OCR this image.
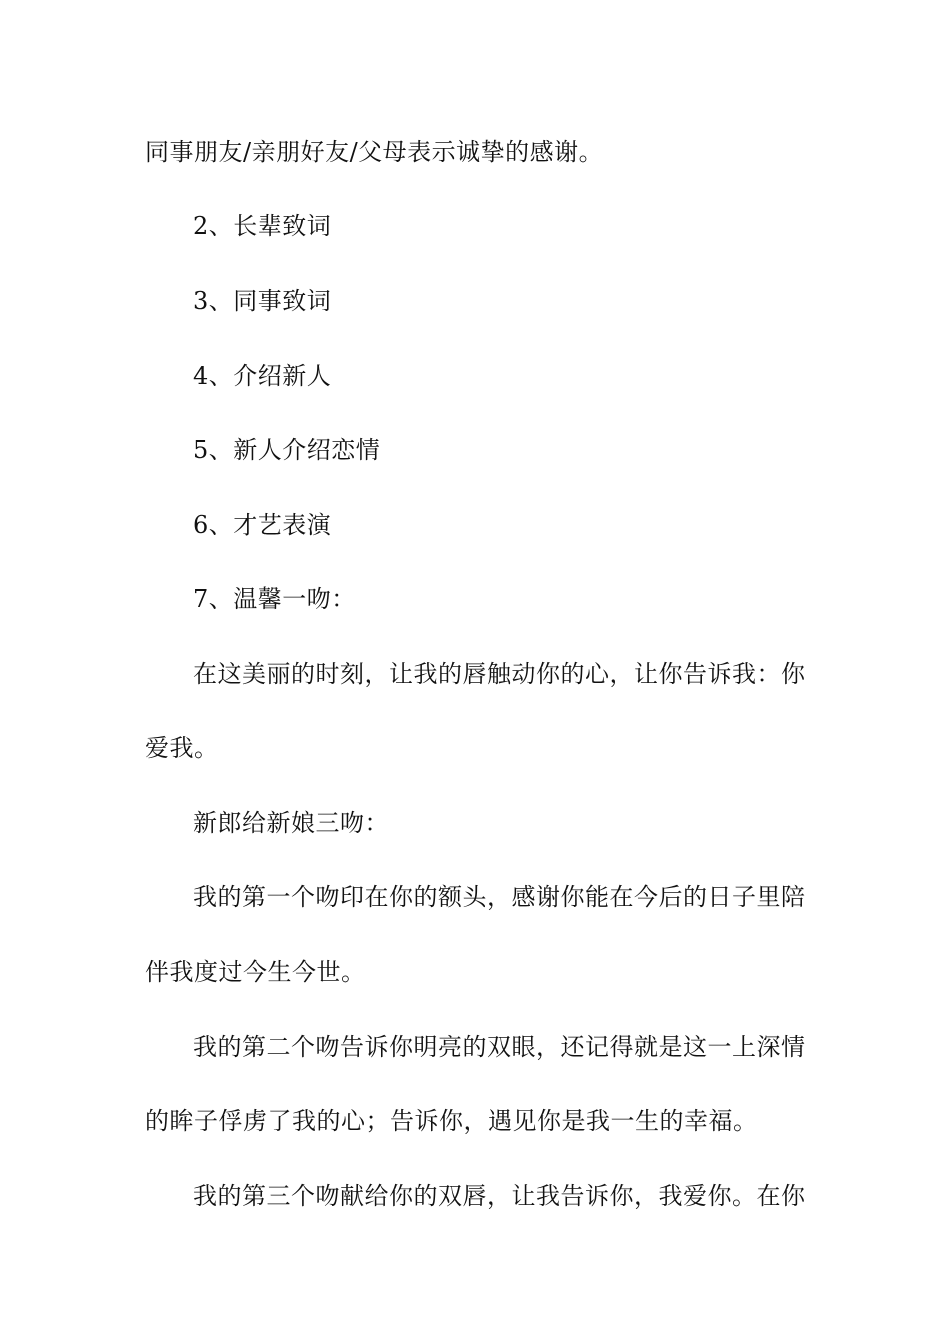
同事朋友/亲朋好友/父母表示诚挚的感谢。
2、长辈致词
3、同事致词
4、介绍新人
5、新人介绍恋情
6、才艺表演
7、温馨一吻：
在这美丽的时刻，让我的唇触动你的心，让你告诉我：你
爱我。
新郎给新娘三吻：
我的第一个吻印在你的额头，感谢你能在今后的日子里陪
伴我度过今生今世。
我的第二个吻告诉你明亮的双眼，还记得就是这一上深情
的眸子俘虏了我的心；告诉你，遇见你是我一生的幸福。
我的第三个吻献给你的双唇，让我告诉你，我爱你。在你
